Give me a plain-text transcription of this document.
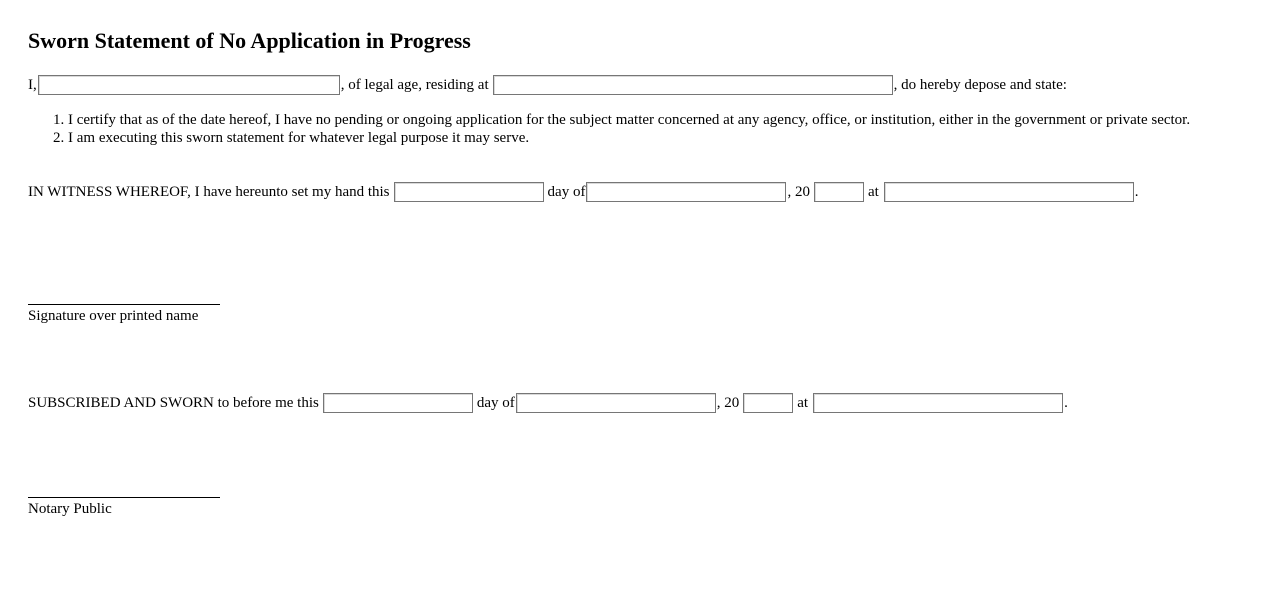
Sworn Statement of No Application in Progress
I,	, of legal age, residing at	, do hereby depose and state:
1. I certify that as of the date hereof, I have no pending or ongoing application for the subject matter concerned at any agency, office, or institution, either in the government or private sector.
2. I am executing this sworn statement for whatever legal purpose it may serve.
IN WITNESS WHEREOF, I have hereunto set my hand this	day of	, 20	at	.
Signature over printed name
SUBSCRIBED AND SWORN to before me this	day of	, 20	at	.
Notary Public
